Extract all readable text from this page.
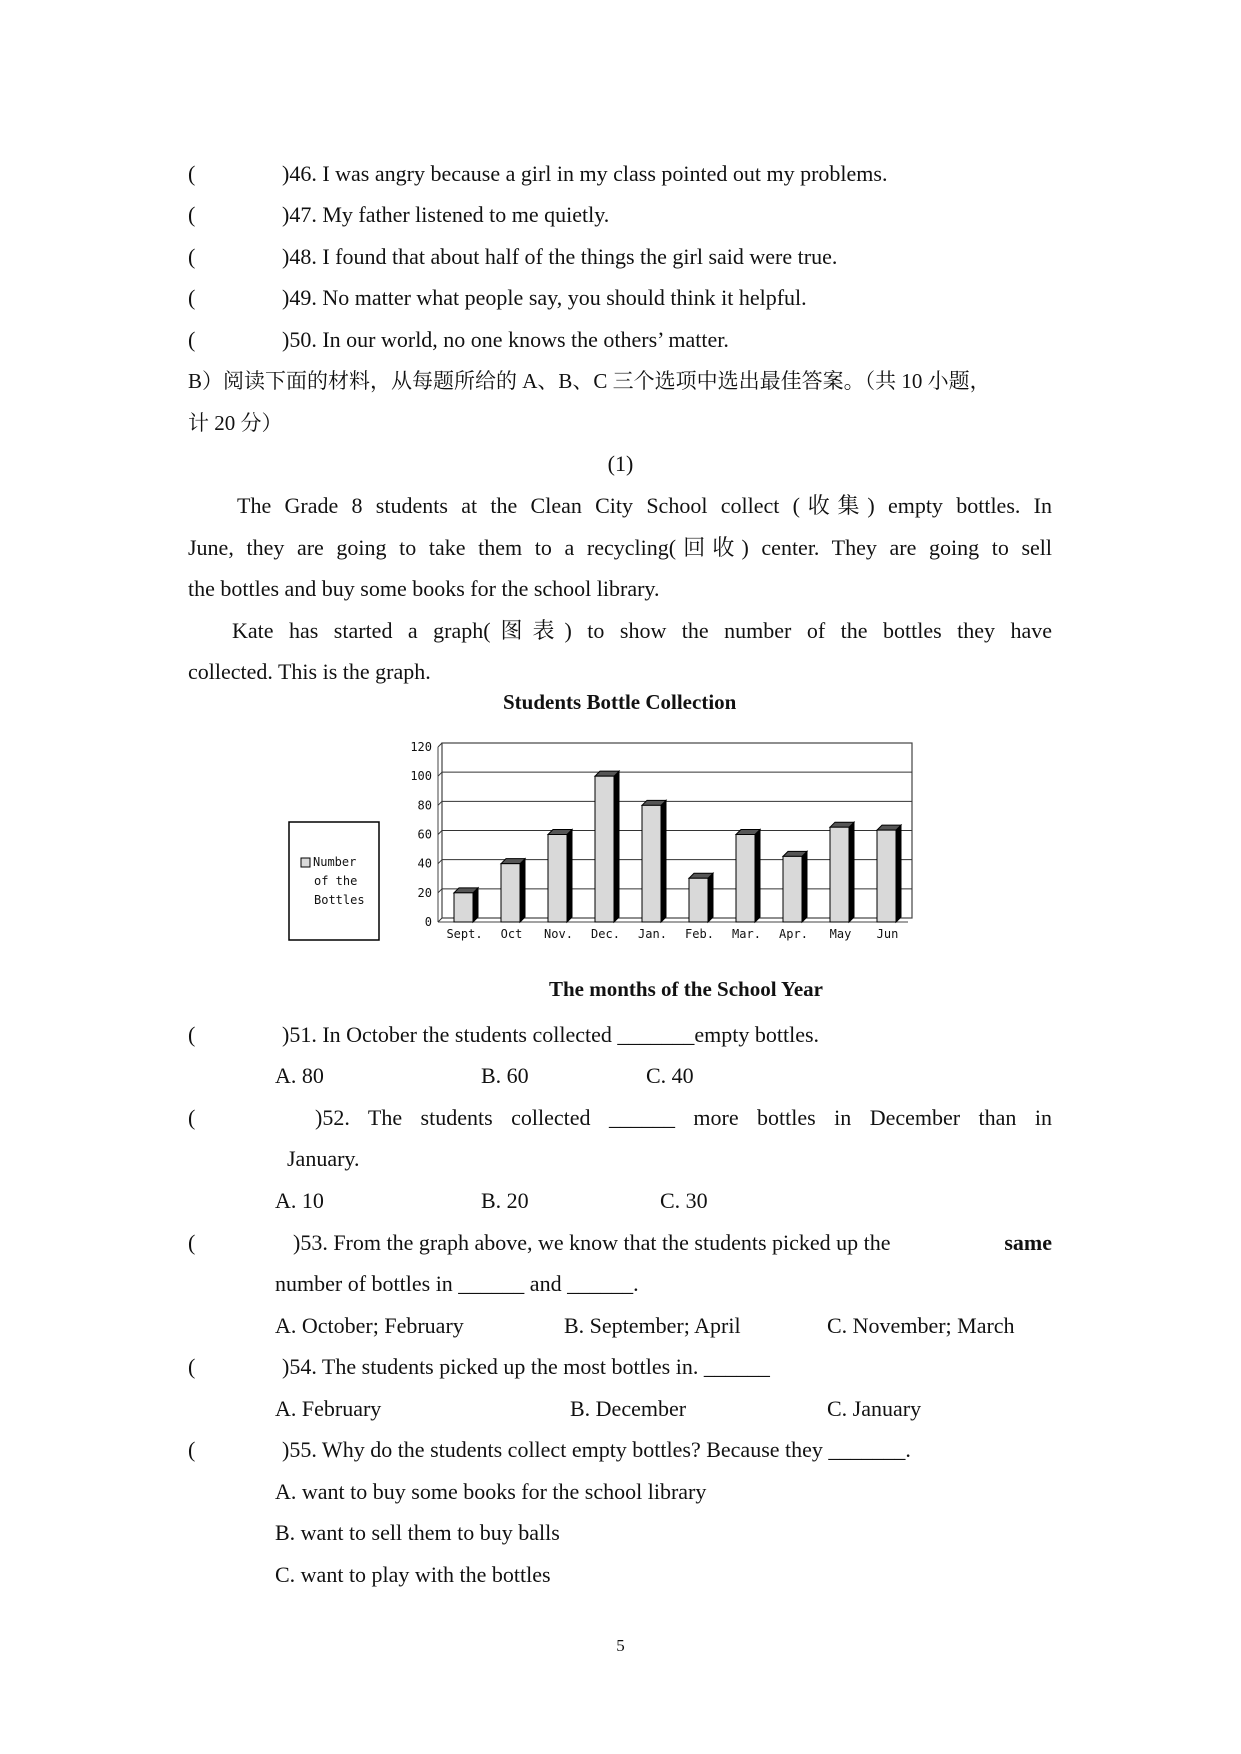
(	)46. I was angry because a girl in my class pointed out my problems.
(	)47. My father listened to me quietly.
(	)48. I found that about half of the things the girl said were true.
(	)49. No matter what people say, you should think it helpful.
(	)50. In our world, no one knows the others’ matter.
B）阅读下面的材料，从每题所给的 A、B、C 三个选项中选出最佳答案。（共 10 小题，
计 20 分）
(1)
The Grade 8 students at the Clean City School collect (收集) empty bottles. In
June, they are going to take them to a recycling(回收) center. They are going to sell
the bottles and buy some books for the school library.
Kate has started a graph(图表) to show the number of the bottles they have
collected. This is the graph.
Students Bottle Collection
Number
of the
Bottles
0
20
40
60
80
100
120
Sept. Oct Nov. Dec. Jan. Feb. Mar. Apr. May Jun
The months of the School Year
(	)51. In October the students collected _______empty bottles.
A. 80	B. 60	C. 40
(	)52. The students collected ______ more bottles in December than in
January.
A. 10	B. 20	C. 30
(	)53. From the graph above, we know that the students picked up the	same
number of bottles in ______ and ______.
A. October; February	B. September; April	C. November; March
(	)54. The students picked up the most bottles in. ______
A. February	B. December	C. January
(	)55. Why do the students collect empty bottles? Because they _______.
A. want to buy some books for the school library
B. want to sell them to buy balls
C. want to play with the bottles
5
